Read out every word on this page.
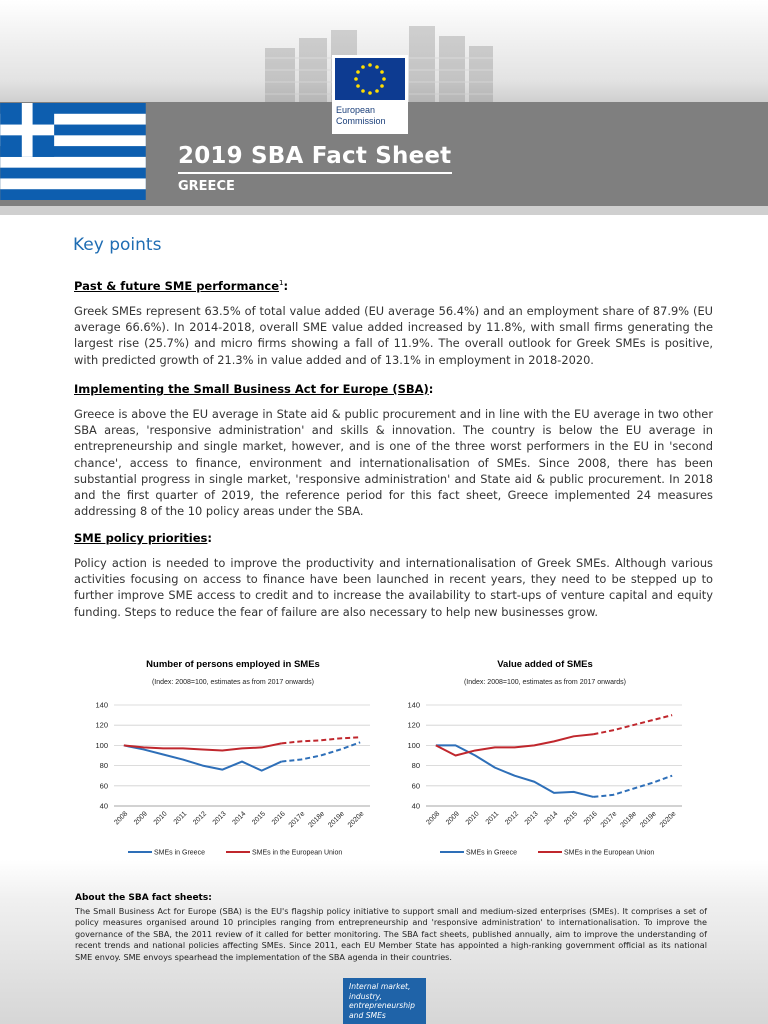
European
Commission
2019 SBA Fact Sheet
GREECE
Key points
Past & future SME performance$^1$:
Greek SMEs represent 63.5% of total value added (EU average 56.4%) and an employment share of 87.9% (EU average 66.6%). In 2014-2018, overall SME value added increased by 11.8%, with small firms generating the largest rise (25.7%) and micro firms showing a fall of 11.9%. The overall outlook for Greek SMEs is positive, with predicted growth of 21.3% in value added and of 13.1% in employment in 2018-2020.
Implementing the Small Business Act for Europe (SBA):
Greece is above the EU average in State aid & public procurement and in line with the EU average in two other SBA areas, 'responsive administration' and skills & innovation. The country is below the EU average in entrepreneurship and single market, however, and is one of the three worst performers in the EU in 'second chance', access to finance, environment and internationalisation of SMEs. Since 2008, there has been substantial progress in single market, 'responsive administration' and State aid & public procurement. In 2018 and the first quarter of 2019, the reference period for this fact sheet, Greece implemented 24 measures addressing 8 of the 10 policy areas under the SBA.
SME policy priorities:
Policy action is needed to improve the productivity and internationalisation of Greek SMEs. Although various activities focusing on access to finance have been launched in recent years, they need to be stepped up to further improve SME access to credit and to increase the availability to start-ups of venture capital and equity funding. Steps to reduce the fear of failure are also necessary to help new businesses grow.
Number of persons employed in SMEs
(Index: 2008=100, estimates as from 2017 onwards)
40
60
80
100
120
140
2008 2009 2010 2011 2012 2013 2014 2015 2016 2017e 2018e 2019e 2020e
SMEs in Greece	SMEs in the European Union
Value added of SMEs
(Index: 2008=100, estimates as from 2017 onwards)
40
60
80
100
120
140
2008 2009 2010 2011 2012 2013 2014 2015 2016 2017e 2018e 2019e 2020e
SMEs in Greece	SMEs in the European Union
About the SBA fact sheets:
The Small Business Act for Europe (SBA) is the EU's flagship policy initiative to support small and medium-sized enterprises (SMEs). It comprises a set of policy measures organised around 10 principles ranging from entrepreneurship and 'responsive administration' to internationalisation. To improve the governance of the SBA, the 2011 review of it called for better monitoring. The SBA fact sheets, published annually, aim to improve the understanding of recent trends and national policies affecting SMEs. Since 2011, each EU Member State has appointed a high-ranking government official as its national SME envoy. SME envoys spearhead the implementation of the SBA agenda in their countries.
Internal market,
industry,
entrepreneurship
and SMEs
